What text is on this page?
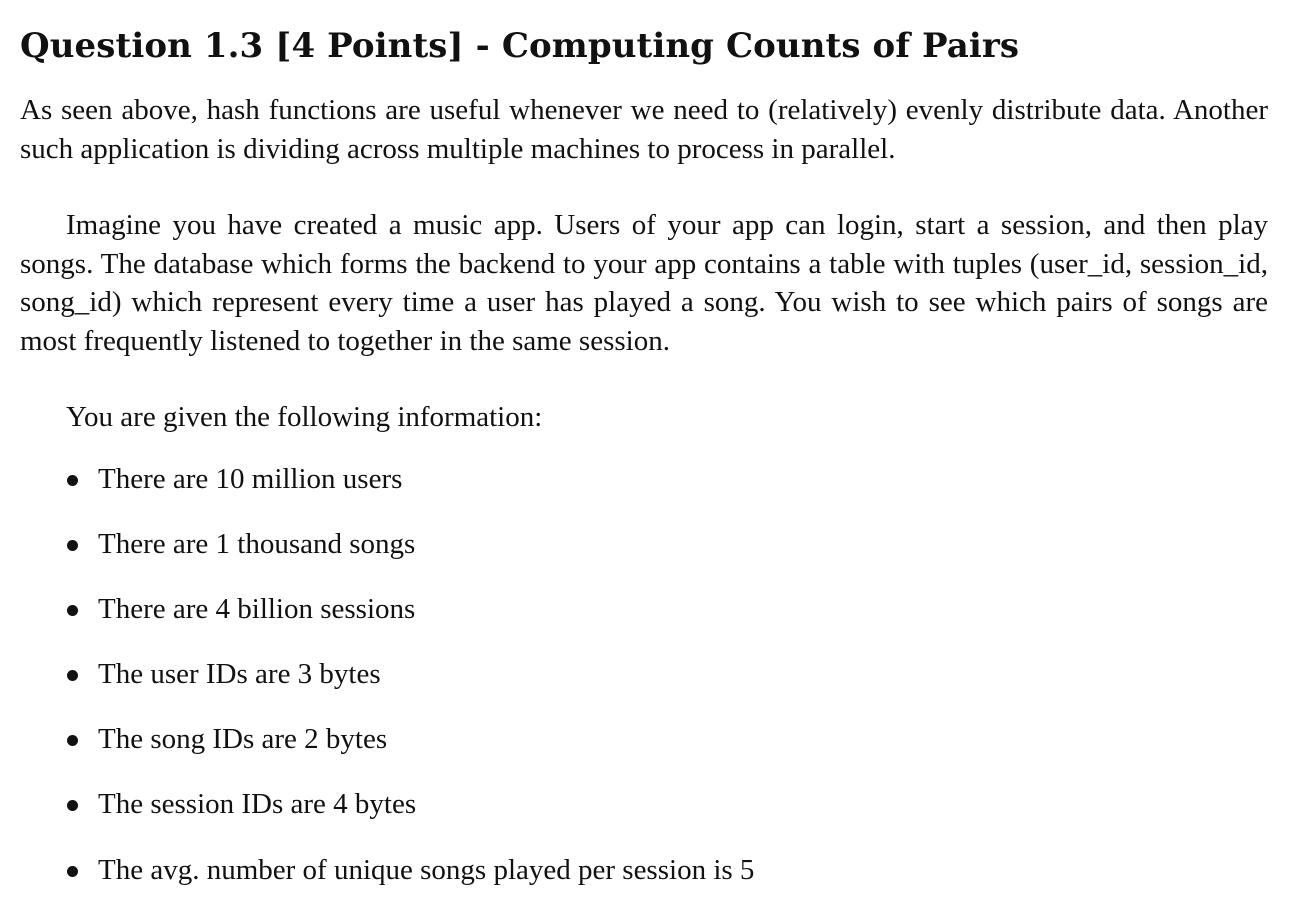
Question 1.3 [4 Points] - Computing Counts of Pairs

As seen above, hash functions are useful whenever we need to (relatively) evenly distribute data. Another such application is dividing across multiple machines to process in parallel.

Imagine you have created a music app. Users of your app can login, start a session, and then play songs. The database which forms the backend to your app contains a table with tuples (user_id, session_id, song_id) which represent every time a user has played a song. You wish to see which pairs of songs are most frequently listened to together in the same session.

You are given the following information:

There are 10 million users
There are 1 thousand songs
There are 4 billion sessions
The user IDs are 3 bytes
The song IDs are 2 bytes
The session IDs are 4 bytes
The avg. number of unique songs played per session is 5
